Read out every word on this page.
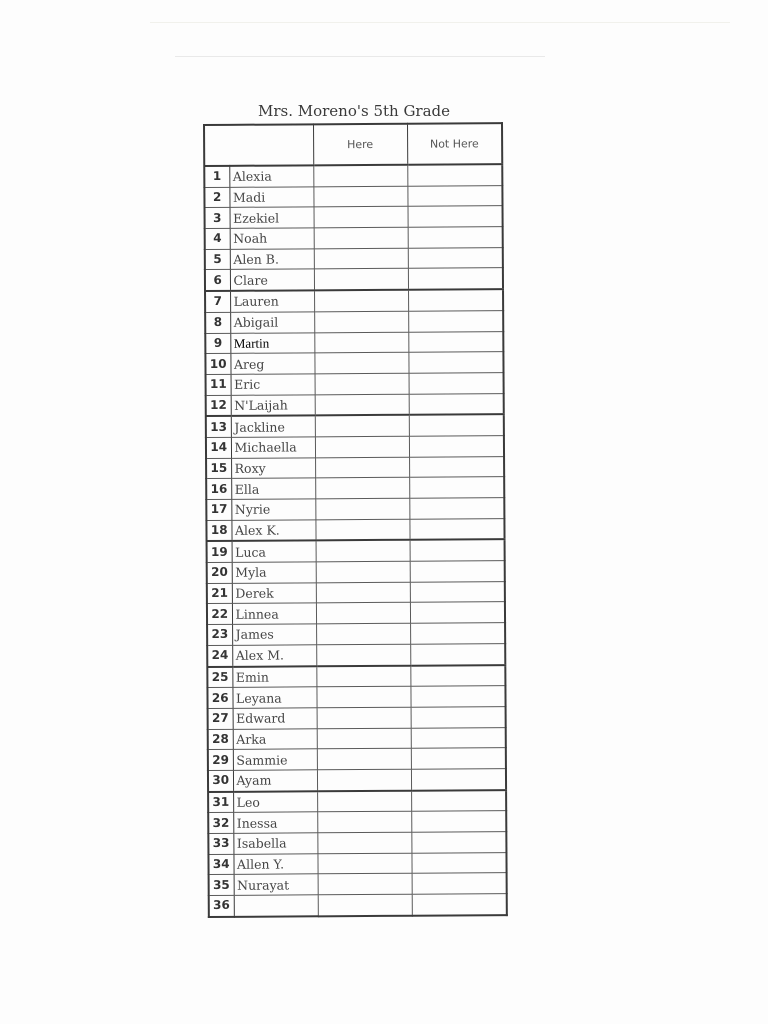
Mrs. Moreno's 5th Grade
		Here	Not Here
1	Alexia		
2	Madi		
3	Ezekiel		
4	Noah		
5	Alen B.		
6	Clare		
7	Lauren		
8	Abigail		
9	Martin		
10	Areg		
11	Eric		
12	N'Laijah		
13	Jackline		
14	Michaella		
15	Roxy		
16	Ella		
17	Nyrie		
18	Alex K.		
19	Luca		
20	Myla		
21	Derek		
22	Linnea		
23	James		
24	Alex M.		
25	Emin		
26	Leyana		
27	Edward		
28	Arka		
29	Sammie		
30	Ayam		
31	Leo		
32	Inessa		
33	Isabella		
34	Allen Y.		
35	Nurayat		
36			
